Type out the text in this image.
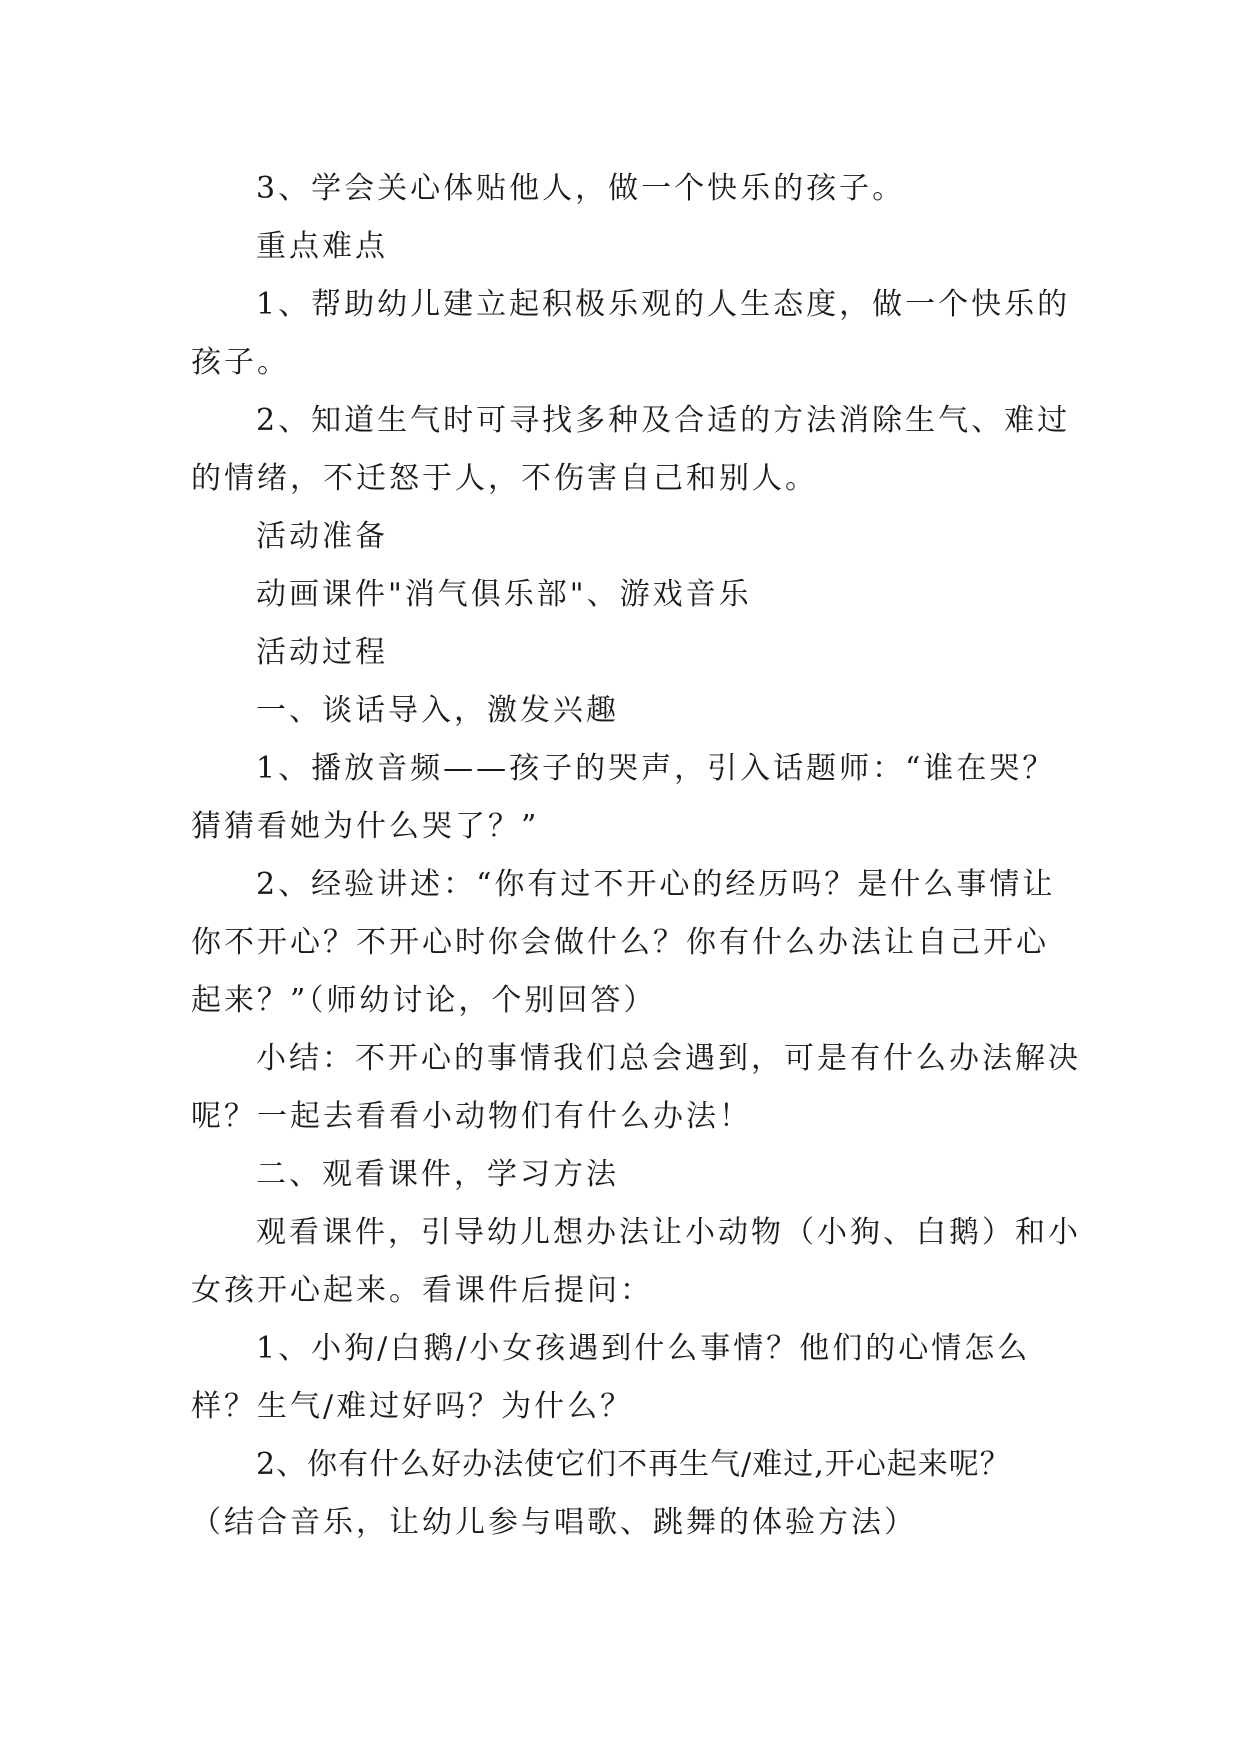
3、学会关心体贴他人，做一个快乐的孩子。

重点难点

1、帮助幼儿建立起积极乐观的人生态度，做一个快乐的孩子。

2、知道生气时可寻找多种及合适的方法消除生气、难过的情绪，不迁怒于人，不伤害自己和别人。

活动准备

动画课件"消气俱乐部"、游戏音乐

活动过程

一、谈话导入，激发兴趣

1、播放音频——孩子的哭声，引入话题师：“谁在哭？猜猜看她为什么哭了？”

2、经验讲述：“你有过不开心的经历吗？是什么事情让你不开心？不开心时你会做什么？你有什么办法让自己开心起来？”（师幼讨论，个别回答）

小结：不开心的事情我们总会遇到，可是有什么办法解决呢？一起去看看小动物们有什么办法！

二、观看课件，学习方法

观看课件，引导幼儿想办法让小动物（小狗、白鹅）和小女孩开心起来。看课件后提问：

1、小狗/白鹅/小女孩遇到什么事情？他们的心情怎么样？生气/难过好吗？为什么？

2、你有什么好办法使它们不再生气/难过,开心起来呢？

（结合音乐，让幼儿参与唱歌、跳舞的体验方法）
